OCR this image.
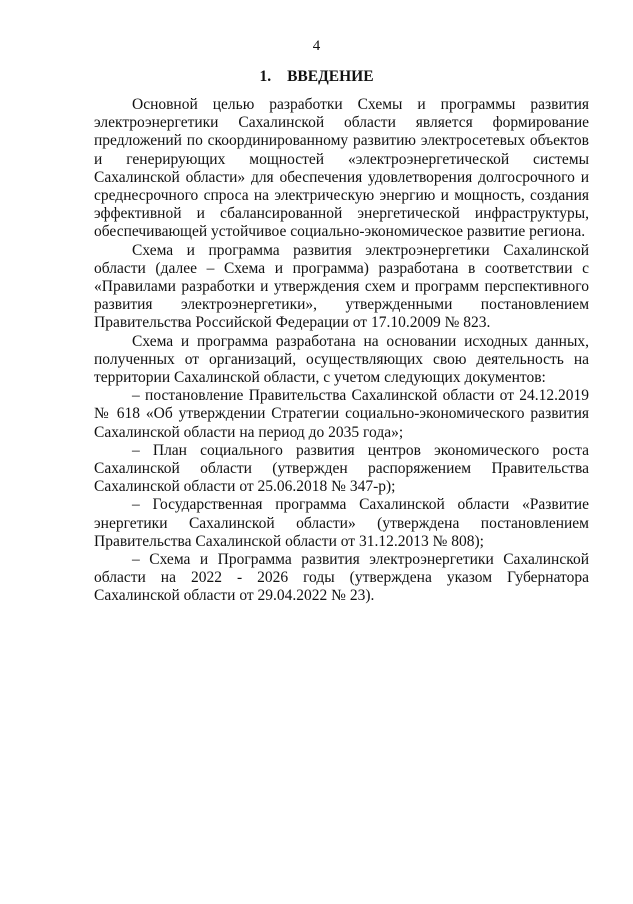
4
1. ВВЕДЕНИЕ

Основной целью разработки Схемы и программы развития электроэнергетики Сахалинской области является формирование предложений по скоординированному развитию электросетевых объектов и генерирующих мощностей «электроэнергетической системы Сахалинской области» для обеспечения удовлетворения долгосрочного и среднесрочного спроса на электрическую энергию и мощность, создания эффективной и сбалансированной энергетической инфраструктуры, обеспечивающей устойчивое социально-экономическое развитие региона.

Схема и программа развития электроэнергетики Сахалинской области (далее – Схема и программа) разработана в соответствии с «Правилами разработки и утверждения схем и программ перспективного развития электроэнергетики», утвержденными постановлением Правительства Российской Федерации от 17.10.2009 № 823.

Схема и программа разработана на основании исходных данных, полученных от организаций, осуществляющих свою деятельность на территории Сахалинской области, с учетом следующих документов:

– постановление Правительства Сахалинской области от 24.12.2019 № 618 «Об утверждении Стратегии социально-экономического развития Сахалинской области на период до 2035 года»;

– План социального развития центров экономического роста Сахалинской области (утвержден распоряжением Правительства Сахалинской области от 25.06.2018 № 347-р);

– Государственная программа Сахалинской области «Развитие энергетики Сахалинской области» (утверждена постановлением Правительства Сахалинской области от 31.12.2013 № 808);

– Схема и Программа развития электроэнергетики Сахалинской области на 2022 - 2026 годы (утверждена указом Губернатора Сахалинской области от 29.04.2022 № 23).
